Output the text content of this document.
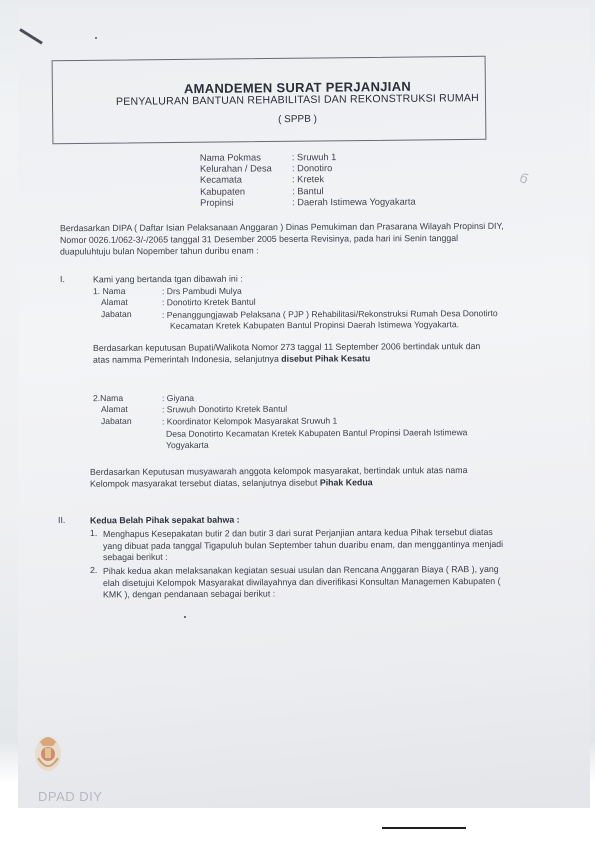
AMANDEMEN SURAT PERJANJIAN
PENYALURAN BANTUAN REHABILITASI DAN REKONSTRUKSI RUMAH
( SPPB )
Nama Pokmas	: Sruwuh 1
Kelurahan / Desa : Donotiro
Kecamata	: Kretek
Kabupaten	: Bantul
Propinsi	: Daerah Istimewa Yogyakarta
б
Berdasarkan DIPA ( Daftar Isian Pelaksanaan Anggaran ) Dinas Pemukiman dan Prasarana Wilayah Propinsi DIY,
Nomor 0026.1/062-3/-/2065 tanggal 31 Desember 2005 beserta Revisinya, pada hari ini Senin tanggal
duapuluhtuju bulan Nopember tahun duribu enam :
I.	Kami yang bertanda tgan dibawah ini :
1. Nama	: Drs Pambudi Mulya
Alamat	: Donotirto Kretek Bantul
Jabatan	: Penanggungjawab Pelaksana ( PJP ) Rehabilitasi/Rekonstruksi Rumah Desa Donotirto
Kecamatan Kretek Kabupaten Bantul Propinsi Daerah Istimewa Yogyakarta.
Berdasarkan keputusan Bupati/Walikota Nomor 273 taggal 11 September 2006 bertindak untuk dan
atas namma Pemerintah Indonesia, selanjutnya disebut Pihak Kesatu
2.Nama	: Giyana
Alamat	: Sruwuh Donotirto Kretek Bantul
Jabatan	: Koordinator Kelompok Masyarakat Sruwuh 1
Desa Donotirto Kecamatan Kretek Kabupaten Bantul Propinsi Daerah Istimewa
Yogyakarta
Berdasarkan Keputusan musyawarah anggota kelompok masyarakat, bertindak untuk atas nama
Kelompok masyarakat tersebut diatas, selanjutnya disebut Pihak Kedua
II.	Kedua Belah Pihak sepakat bahwa :
1. Menghapus Kesepakatan butir 2 dan butir 3 dari surat Perjanjian antara kedua Pihak tersebut diatas
yang dibuat pada tanggal Tigapuluh bulan September tahun duaribu enam, dan menggantinya menjadi
sebagai berikut :
2. Pihak kedua akan melaksanakan kegiatan sesuai usulan dan Rencana Anggaran Biaya ( RAB ), yang
elah disetujui Kelompok Masyarakat diwilayahnya dan diverifikasi Konsultan Managemen Kabupaten (
KMK ), dengan pendanaan sebagai berikut :
DPAD DIY
